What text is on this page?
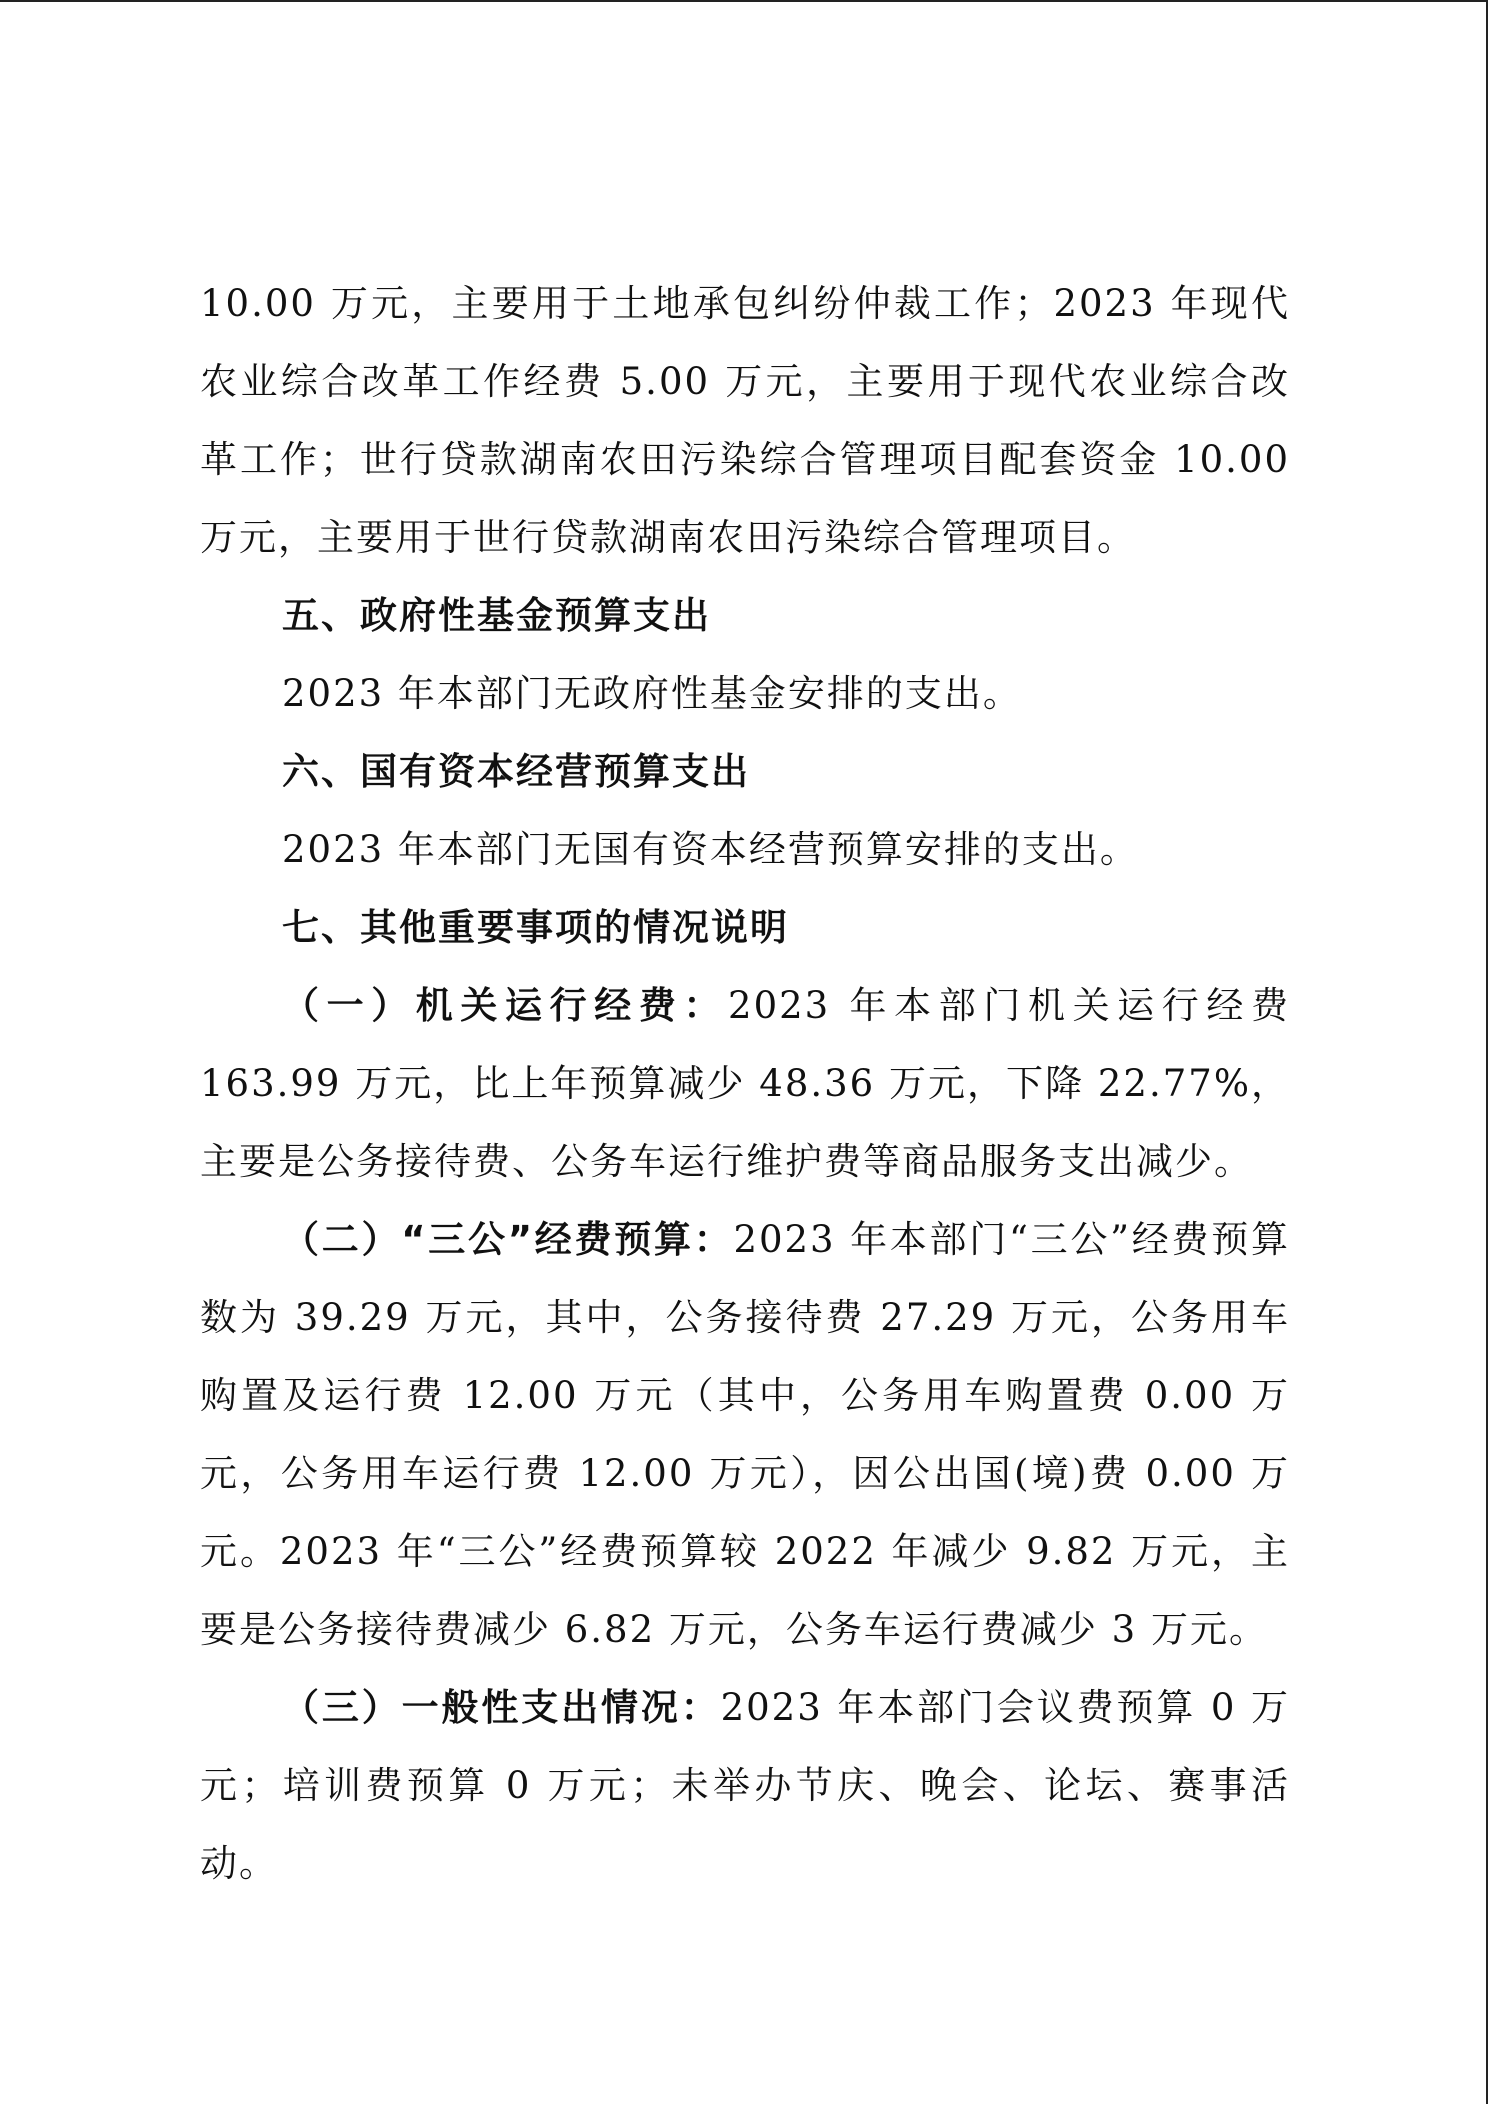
10.00 万元，主要用于土地承包纠纷仲裁工作；2023 年现代农业综合改革工作经费 5.00 万元，主要用于现代农业综合改革工作；世行贷款湖南农田污染综合管理项目配套资金 10.00 万元，主要用于世行贷款湖南农田污染综合管理项目。

五、政府性基金预算支出

2023 年本部门无政府性基金安排的支出。

六、国有资本经营预算支出

2023 年本部门无国有资本经营预算安排的支出。

七、其他重要事项的情况说明

（一）机关运行经费：2023 年本部门机关运行经费 163.99 万元，比上年预算减少 48.36 万元，下降 22.77%，主要是公务接待费、公务车运行维护费等商品服务支出减少。

（二）“三公”经费预算：2023 年本部门“三公”经费预算数为 39.29 万元，其中，公务接待费 27.29 万元，公务用车购置及运行费 12.00 万元（其中，公务用车购置费 0.00 万元，公务用车运行费 12.00 万元），因公出国(境)费 0.00 万元。2023 年“三公”经费预算较 2022 年减少 9.82 万元，主要是公务接待费减少 6.82 万元，公务车运行费减少 3 万元。

（三）一般性支出情况：2023 年本部门会议费预算 0 万元；培训费预算 0 万元；未举办节庆、晚会、论坛、赛事活动。
